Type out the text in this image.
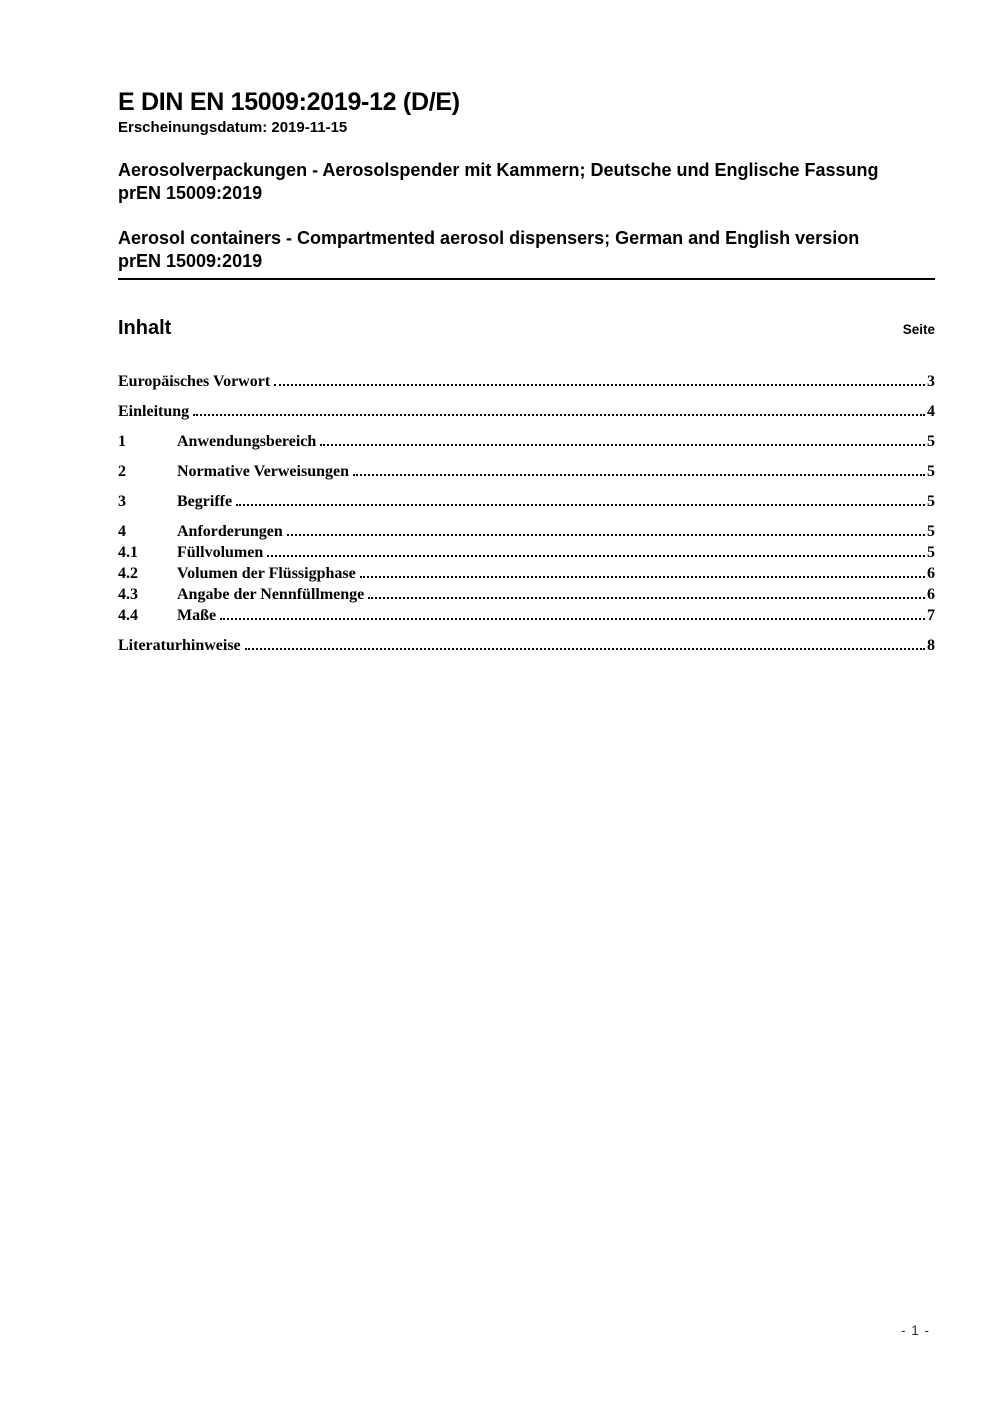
E DIN EN 15009:2019-12 (D/E)
Erscheinungsdatum: 2019-11-15
Aerosolverpackungen - Aerosolspender mit Kammern; Deutsche und Englische Fassung prEN 15009:2019
Aerosol containers - Compartmented aerosol dispensers; German and English version prEN 15009:2019
Inhalt	Seite
Europäisches Vorwort	3
Einleitung	4
1	Anwendungsbereich	5
2	Normative Verweisungen	5
3	Begriffe	5
4	Anforderungen	5
4.1	Füllvolumen	5
4.2	Volumen der Flüssigphase	6
4.3	Angabe der Nennfüllmenge	6
4.4	Maße	7
Literaturhinweise	8
- 1 -
